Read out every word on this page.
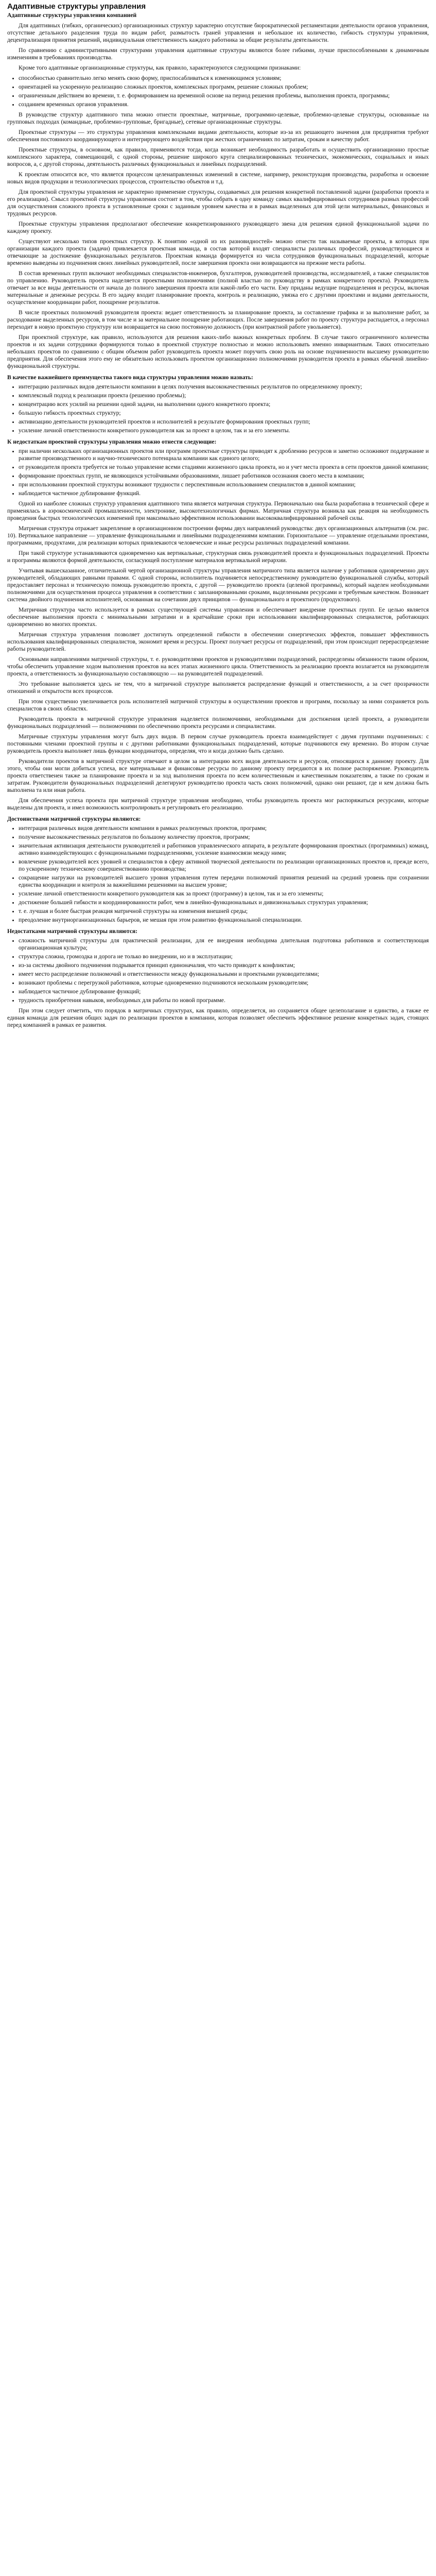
Адаптивные структуры управления
Адаптивные структуры управления компанией

Для адаптивных (гибких, органических) организационных структур характерно отсутствие бюрократической регламентации деятельности органов управления, отсутствие детального разделения труда по видам работ, размытость граней управления и небольшое их количество, гибкость структуры управления, децентрализация принятия решений, индивидуальная ответственность каждого работника за общие результаты деятельности.

По сравнению с административными структурами управления адаптивные структуры являются более гибкими, лучше приспособленными к динамичным изменениям в требованиях производства.

Кроме того адаптивные организационные структуры, как правило, характеризуются следующими признаками:

• способностью сравнительно легко менять свою форму, приспосабливаться к изменяющимся условиям;
• ориентацией на ускоренную реализацию сложных проектов, комплексных программ, решение сложных проблем;
• ограниченным действием во времени, т. е. формированием на временной основе на период решения проблемы, выполнения проекта, программы;
• созданием временных органов управления.

В руководстве структур адаптивного типа можно отнести проектные, матричные, программно-целевые, проблемно-целевые структуры, основанные на групповых подходах (командные, проблемно-групповые, бригадные), сетевые организационные структуры.

Проектные структуры — это структуры управления комплексными видами деятельности, которые из-за их решающего значения для предприятия требуют обеспечения постоянного координирующего и интегрирующего воздействия при жестких ограничениях по затратам, срокам и качеству работ.

Проектные структуры, в основном, как правило, применяются тогда, когда возникает необходимость разработать и осуществить организационно простые комплексного характера, совмещающий, с одной стороны, решение широкого круга специализированных технических, экономических, социальных и иных вопросов, а, с другой стороны, деятельность различных функциональных и линейных подразделений.

К проектам относится все, что является процессом целенаправленных изменений в системе, например, реконструкция производства, разработка и освоение новых видов продукции и технологических процессов, строительство объектов и т.д.

Для проектной структуры управления не характерно применение структуры, создаваемых для решения конкретной поставленной задачи (разработки проекта и его реализации). Смысл проектной структуры управления состоит в том, чтобы собрать в одну команду самых квалифицированных сотрудников разных профессий для осуществления сложного проекта в установленные сроки с заданным уровнем качества и в рамках выделенных для этой цели материальных, финансовых и трудовых ресурсов.

Проектные структуры управления предполагают обеспечение конкретизированного руководящего звена для решения единой функциональной задачи по каждому проекту.

Существуют несколько типов проектных структур. К понятию «одной из их разновидностей» можно отнести так называемые проекты, в которых при организации каждого проекта (задачи) привлекается проектная команда, в состав которой входят специалисты различных профессий, руководствующиеся и отвечающие за достижение функциональных результатов. Проектная команда формируется из числа сотрудников функциональных подразделений, которые временно выведены из подчинения своих линейных руководителей, после завершения проекта они возвращаются на прежние места работы.

В состав временных групп включают необходимых специалистов-инженеров, бухгалтеров, руководителей производства, исследователей, а также специалистов по управлению. Руководитель проекта наделяется проектными полномочиями (полной властью по руководству в рамках конкретного проекта). Руководитель отвечает за все виды деятельности от начала до полного завершения проекта или какой-либо его части. Ему приданы ведущие подразделения и ресурсы, включая материальные и денежные ресурсы. В его задачу входит планирование проекта, контроль и реализацию, увязка его с другими проектами и видами деятельности, осуществление координации работ, поощрение результатов.

В числе проектных полномочий руководителя проекта: ведает ответственность за планирование проекта, за составление графика и за выполнение работ, за расходование выделенных ресурсов, в том числе и за материальное поощрение работающих. После завершения работ по проекту структура распадается, а персонал переходит в новую проектную структуру или возвращается на свою постоянную должность (при контрактной работе увольняется).

При проектной структуре, как правило, используются для решения каких-либо важных конкретных проблем. В случае такого ограниченного количества проектов и их задачи сотрудники формируются только в проектной структуре полностью и можно использовать именно инвариантным. Таких относительно небольших проектов по сравнению с общим объемом работ руководитель проекта может поручить свою роль на основе подчиненности высшему руководителю предприятия. Для обеспечения этого ему не обязательно использовать проектом организационно полномочиями руководителя проекта в рамках обычной линейно-функциональной структуры.

В качестве важнейшего преимущества такого вида структуры управления можно назвать:
• интеграцию различных видов деятельности компании в целях получения высококачественных результатов по определенному проекту;
• комплексный подход к реализации проекта (решению проблемы);
• концентрацию всех усилий на решении одной задачи, на выполнении одного конкретного проекта;
• большую гибкость проектных структур;
• активизацию деятельности руководителей проектов и исполнителей в результате формирования проектных групп;
• усиление личной ответственности конкретного руководителя как за проект в целом, так и за его элементы.
К недостаткам проектной структуры управления можно отнести следующие:
• при наличии нескольких организационных проектов или программ проектные структуры приводят к дроблению ресурсов и заметно осложняют поддержание и развитие производственного и научно-технического потенциала компании как единого целого;
• от руководителя проекта требуется не только управление всеми стадиями жизненного цикла проекта, но и учет места проекта в сети проектов данной компании;
• формирование проектных групп, не являющихся устойчивыми образованиями, лишает работников осознания своего места в компании;
• при использовании проектной структуры возникают трудности с перспективным использованием специалистов в данной компании;
• наблюдается частичное дублирование функций.

Одной из наиболее сложных структур управления адаптивного типа является матричная структура. Первоначально она была разработана в технической сфере и применялась в аэрокосмической промышленности, электронике, высокотехнологичных фирмах. Матричная структура возникла как реакция на необходимость проведения быстрых технологических изменений при максимально эффективном использовании высококвалифицированной рабочей силы.

Матричная структура отражает закрепление в организационном построении фирмы двух направлений руководства: двух организационных альтернатив (см. рис. 10). Вертикальное направление — управление функциональными и линейными подразделениями компании. Горизонтальное — управление отдельными проектами, программами, продуктами, для реализации которых привлекаются человеческие и иные ресурсы различных подразделений компании.

При такой структуре устанавливаются одновременно как вертикальные, структурная связь руководителей проекта и функциональных подразделений. Проекты и программы являются формой деятельности, согласующей поступление материалов вертикальной иерархии.

Учитывая вышесказанное, отличительной чертой организационной структуры управления матричного типа является наличие у работников одновременно двух руководителей, обладающих равными правами. С одной стороны, исполнитель подчиняется непосредственному руководителю функциональной службы, который предоставляет персонал и техническую помощь руководителю проекта, с другой — руководителю проекта (целевой программы), который наделен необходимыми полномочиями для осуществления процесса управления в соответствии с запланированными сроками, выделенными ресурсами и требуемым качеством. Возникает система двойного подчинения исполнителей, основанная на сочетании двух принципов — функционального и проектного (продуктового).

Матричная структура часто используется в рамках существующей системы управления и обеспечивает внедрение проектных групп. Ее целью является обеспечение выполнения проекта с минимальными затратами и в кратчайшие сроки при использовании квалифицированных специалистов, работающих одновременно во многих проектах.

Матричная структура управления позволяет достигнуть определенной гибкости в обеспечении синергических эффектов, повышает эффективность использования квалифицированных специалистов, экономит время и ресурсы. Проект получает ресурсы от подразделений, при этом происходит перераспределение работы руководителей.

Основными направлениями матричной структуры, т. е. руководителями проектов и руководителями подразделений, распределены обязанности таким образом, чтобы обеспечить управление ходом выполнения проектов на всех этапах жизненного цикла. Ответственность за реализацию проекта возлагается на руководителя проекта, а ответственность за функциональную составляющую — на руководителей подразделений.

Это требование выполняется здесь не тем, что в матричной структуре выполняется распределение функций и ответственности, а за счет прозрачности отношений и открытости всех процессов.

При этом существенно увеличивается роль исполнителей матричной структуры в осуществлении проектов и программ, поскольку за ними сохраняется роль специалистов в своих областях.

Руководитель проекта в матричной структуре управления наделяется полномочиями, необходимыми для достижения целей проекта, а руководители функциональных подразделений — полномочиями по обеспечению проекта ресурсами и специалистами.

Матричные структуры управления могут быть двух видов. В первом случае руководитель проекта взаимодействует с двумя группами подчиненных: с постоянными членами проектной группы и с другими работниками функциональных подразделений, которые подчиняются ему временно. Во втором случае руководитель проекта выполняет лишь функции координатора, определяя, что и когда должно быть сделано.

Руководители проектов в матричной структуре отвечают в целом за интеграцию всех видов деятельности и ресурсов, относящихся к данному проекту. Для этого, чтобы они могли добиться успеха, все материальные и финансовые ресурсы по данному проекту передаются в их полное распоряжение. Руководитель проекта ответственен также за планирование проекта и за ход выполнения проекта по всем количественным и качественным показателям, а также по срокам и затратам. Руководители функциональных подразделений делегируют руководителю проекта часть своих полномочий, однако они решают, где и кем должна быть выполнена та или иная работа.

Для обеспечения успеха проекта при матричной структуре управления необходимо, чтобы руководитель проекта мог распоряжаться ресурсами, которые выделены для проекта, и имел возможность контролировать и регулировать его реализацию.

Достоинствами матричной структуры являются:
• интеграция различных видов деятельности компании в рамках реализуемых проектов, программ;
• получение высококачественных результатов по большому количеству проектов, программ;
• значительная активизация деятельности руководителей и работников управленческого аппарата, в результате формирования проектных (программных) команд, активно взаимодействующих с функциональными подразделениями, усиление взаимосвязи между ними;
• вовлечение руководителей всех уровней и специалистов в сферу активной творческой деятельности по реализации организационных проектов и, прежде всего, по ускоренному техническому совершенствованию производства;
• сокращение нагрузки на руководителей высшего уровня управления путем передачи полномочий принятия решений на средний уровень при сохранении единства координации и контроля за важнейшими решениями на высшем уровне;
• усиление личной ответственности конкретного руководителя как за проект (программу) в целом, так и за его элементы;
• достижение большей гибкости и координированности работ, чем в линейно-функциональных и дивизиональных структурах управления;
• т. е. лучшая и более быстрая реакция матричной структуры на изменения внешней среды;
• преодоление внутриорганизационных барьеров, не мешая при этом развитию функциональной специализации.
Недостатками матричной структуры являются:
• сложность матричной структуры для практической реализации, для ее внедрения необходима длительная подготовка работников и соответствующая организационная культура;
• структура сложна, громоздка и дорога не только во внедрении, но и в эксплуатации;
• из-за системы двойного подчинения подрывается принцип единоначалия, что часто приводит к конфликтам;
• имеет место распределение полномочий и ответственности между функциональными и проектными руководителями;
• возникают проблемы с перегрузкой работников, которые одновременно подчиняются нескольким руководителям;
• наблюдается частичное дублирование функций;
• трудность приобретения навыков, необходимых для работы по новой программе.

При этом следует отметить, что порядок в матричных структурах, как правило, определяется, но сохраняется общее целеполагание и единство, а также ее единая команда для решения общих задач по реализации проектов в компании, которая позволяет обеспечить эффективное решение конкретных задач, стоящих перед компанией в рамках ее развития.
